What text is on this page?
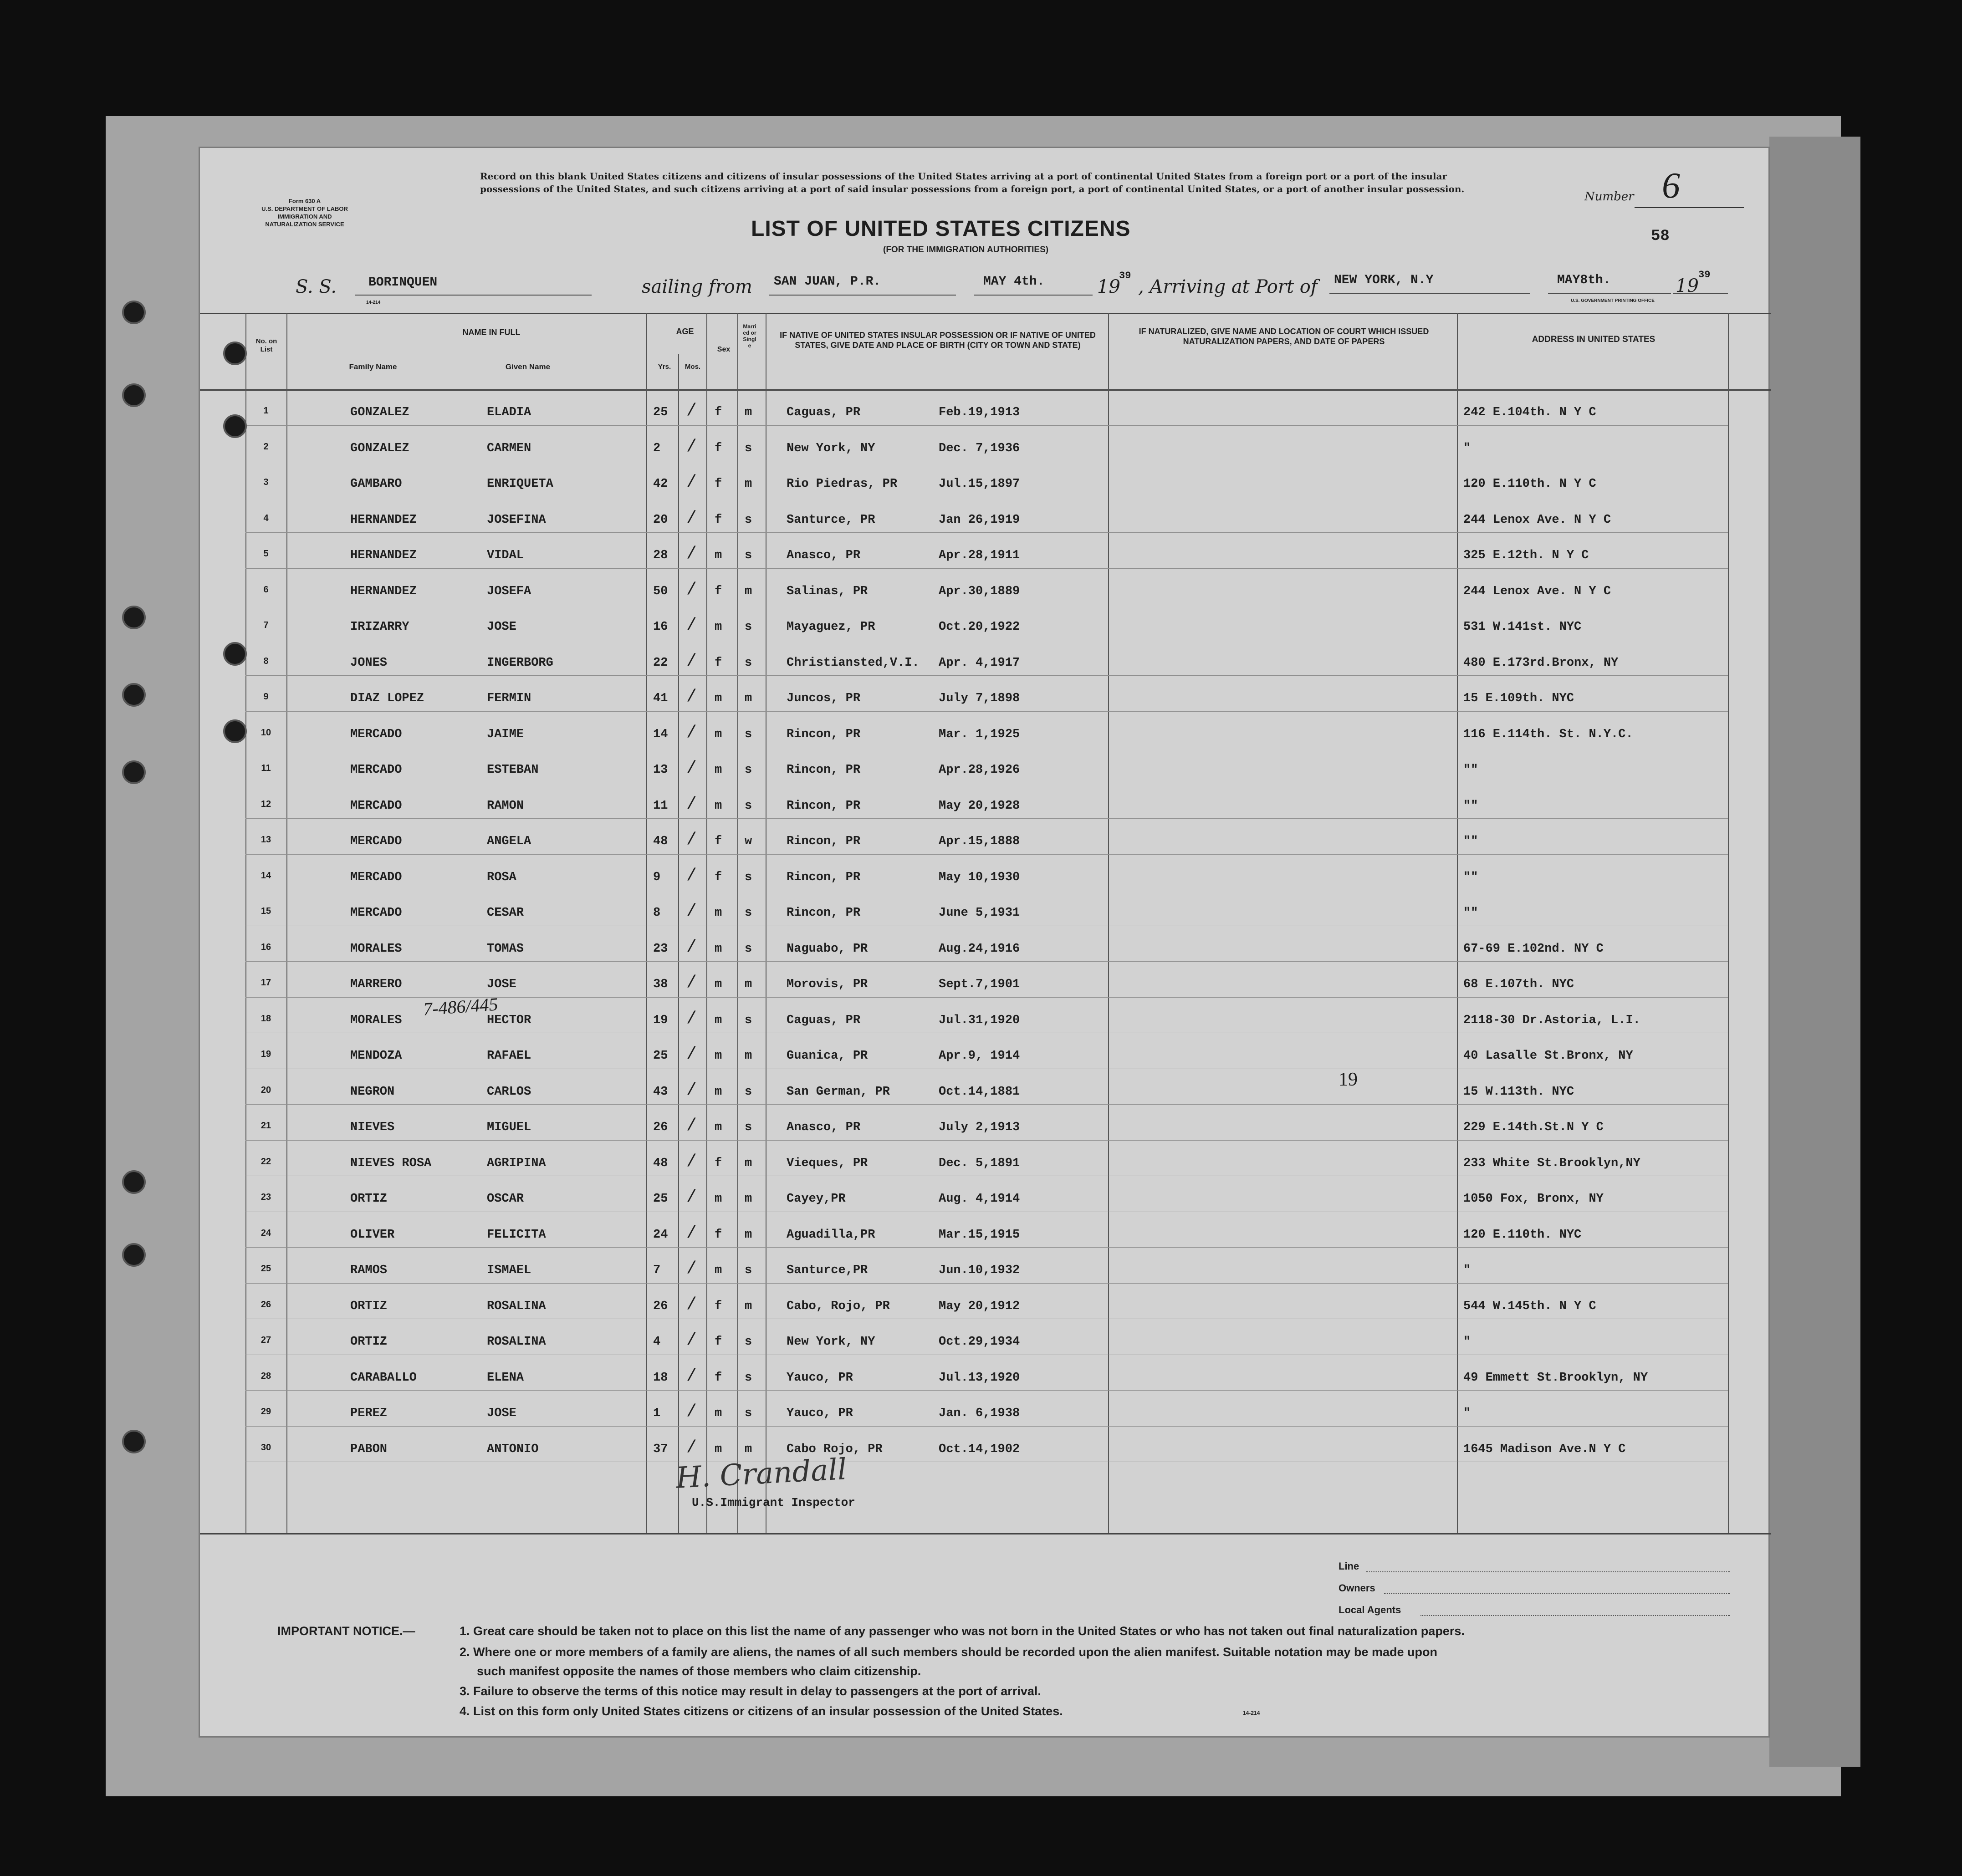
Form 630 A
U.S. DEPARTMENT OF LABOR
IMMIGRATION AND
NATURALIZATION SERVICE
Record on this blank United States citizens and citizens of insular possessions of the United States arriving at a port of continental United States from a foreign port or a port of the insular possessions of the United States, and such citizens arriving at a port of said insular possessions from a foreign port, a port of continental United States, or a port of another insular possession.
Number 6
58
LIST OF UNITED STATES CITIZENS
(FOR THE IMMIGRATION AUTHORITIES)
S. S. BORINQUEN	sailing from SAN JUAN, P.R.	MAY 4th.	19
39
, Arriving at Port of NEW YORK, N.Y	MAY8th.	19
39
14-214	U.S. GOVERNMENT PRINTING OFFICE
No. on List
NAME IN FULL
Family Name	Given Name
AGE
Yrs.	Mos.
Sex
Married or Single
IF NATIVE OF UNITED STATES INSULAR POSSESSION OR IF NATIVE OF UNITED STATES, GIVE DATE AND PLACE OF BIRTH (CITY OR TOWN AND STATE)
IF NATURALIZED, GIVE NAME AND LOCATION OF COURT WHICH ISSUED NATURALIZATION PAPERS, AND DATE OF PAPERS	ADDRESS IN UNITED STATES
1	GONZALEZ	ELADIA	25	f m	Caguas, PR	Feb.19,1913	242 E.104th. N Y C
/
2	GONZALEZ	CARMEN	2	f s	New York, NY	Dec. 7,1936	"
/
3	GAMBARO	ENRIQUETA	42	f m	Rio Piedras, PR	Jul.15,1897	120 E.110th. N Y C
/
4	HERNANDEZ	JOSEFINA	20	f s	Santurce, PR	Jan 26,1919	244 Lenox Ave. N Y C
/
5	HERNANDEZ	VIDAL	28	m s	Anasco, PR	Apr.28,1911	325 E.12th. N Y C
/
6	HERNANDEZ	JOSEFA	50	f m	Salinas, PR	Apr.30,1889	244 Lenox Ave. N Y C
/
7	IRIZARRY	JOSE	16	m s	Mayaguez, PR	Oct.20,1922	531 W.141st. NYC
/
8	JONES	INGERBORG	22	f s	Christiansted,V.I. Apr. 4,1917	480 E.173rd.Bronx, NY
/
9	DIAZ LOPEZ	FERMIN	41	m m	Juncos, PR	July 7,1898	15 E.109th. NYC
/
10	MERCADO	JAIME	14	m s	Rincon, PR	Mar. 1,1925	116 E.114th. St. N.Y.C.
/
11	MERCADO	ESTEBAN	13	m s	Rincon, PR	Apr.28,1926	""
/
12	MERCADO	RAMON	11	m s	Rincon, PR	May 20,1928	""
/
13	MERCADO	ANGELA	48	f w	Rincon, PR	Apr.15,1888	""
/
14	MERCADO	ROSA	9	f s	Rincon, PR	May 10,1930	""
/
15	MERCADO	CESAR	8	m s	Rincon, PR	June 5,1931	""
/
16	MORALES	TOMAS	23	m s	Naguabo, PR	Aug.24,1916	67-69 E.102nd. NY C
/
17	MARRERO	JOSE	38	m m	Morovis, PR	Sept.7,1901	68 E.107th. NYC
/
18	MORALES	HECTOR	19	m s	Caguas, PR	Jul.31,1920	2118-30 Dr.Astoria, L.I.
/
19	MENDOZA	RAFAEL	25	m m	Guanica, PR	Apr.9, 1914	40 Lasalle St.Bronx, NY
/
20	NEGRON	CARLOS	43	m s	San German, PR	Oct.14,1881	15 W.113th. NYC
/
21	NIEVES	MIGUEL	26	m s	Anasco, PR	July 2,1913	229 E.14th.St.N Y C
/
22	NIEVES ROSA	AGRIPINA	48	f m	Vieques, PR	Dec. 5,1891	233 White St.Brooklyn,NY
/
23	ORTIZ	OSCAR	25	m m	Cayey,PR	Aug. 4,1914	1050 Fox, Bronx, NY
/
24	OLIVER	FELICITA	24	f m	Aguadilla,PR	Mar.15,1915	120 E.110th. NYC
/
25	RAMOS	ISMAEL	7	m s	Santurce,PR	Jun.10,1932	"
/
26	ORTIZ	ROSALINA	26	f m	Cabo, Rojo, PR	May 20,1912	544 W.145th. N Y C
/
27	ORTIZ	ROSALINA	4	f s	New York, NY	Oct.29,1934	"
/
28	CARABALLO	ELENA	18	f s	Yauco, PR	Jul.13,1920	49 Emmett St.Brooklyn, NY
/
29	PEREZ	JOSE	1	m s	Yauco, PR	Jan. 6,1938	"
/
30	PABON	ANTONIO	37	m m	Cabo Rojo, PR	Oct.14,1902	1645 Madison Ave.N Y C
/
7-486/445
19
H. Crandall
U.S.Immigrant Inspector
Line
Owners
Local Agents
IMPORTANT NOTICE.—	1. Great care should be taken not to place on this list the name of any passenger who was not born in the United States or who has not taken out final naturalization papers.
2. Where one or more members of a family are aliens, the names of all such members should be recorded upon the alien manifest. Suitable notation may be made upon
such manifest opposite the names of those members who claim citizenship.
3. Failure to observe the terms of this notice may result in delay to passengers at the port of arrival.
4. List on this form only United States citizens or citizens of an insular possession of the United States.	14-214
